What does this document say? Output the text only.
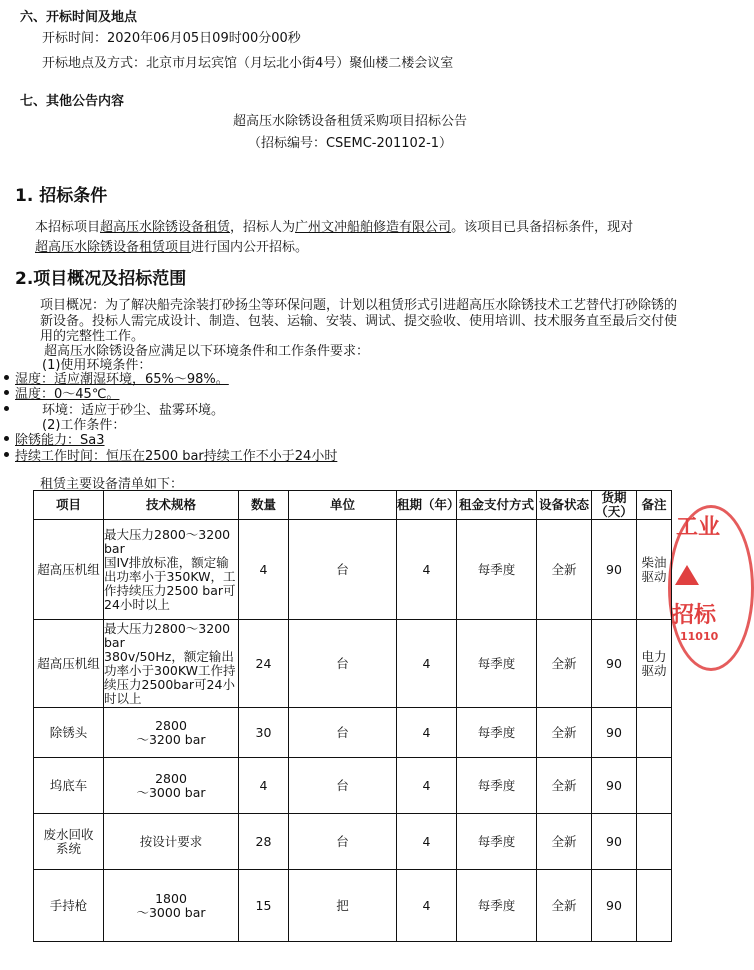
六、开标时间及地点
开标时间：2020年06月05日09时00分00秒
开标地点及方式：北京市月坛宾馆（月坛北小街4号）聚仙楼二楼会议室
七、其他公告内容
超高压水除锈设备租赁采购项目招标公告
（招标编号：CSEMC-201102-1）
1. 招标条件
本招标项目超高压水除锈设备租赁，招标人为广州文冲船舶修造有限公司。该项目已具备招标条件，现对
超高压水除锈设备租赁项目进行国内公开招标。
2.项目概况及招标范围
项目概况：为了解决船壳涂装打砂扬尘等环保问题，计划以租赁形式引进超高压水除锈技术工艺替代打砂除锈的
新设备。投标人需完成设计、制造、包装、运输、安装、调试、提交验收、使用培训、技术服务直至最后交付使
用的完整性工作。
超高压水除锈设备应满足以下环境条件和工作条件要求：
(1)使用环境条件：
湿度：适应潮湿环境，65%～98%。
温度：0～45℃。
环境：适应于砂尘、盐雾环境。
(2)工作条件：
除锈能力：Sa3
持续工作时间：恒压在2500 bar持续工作不小于24小时
租赁主要设备清单如下：
工业
招标
11010
项目	技术规格	数量	单位	租期（年）	租金支付方式	设备状态	货期（天）	备注
超高压机组	最大压力2800～3200 bar
国IV排放标准，额定输出功率小于350KW，工作持续压力2500 bar可24小时以上	4	台	4	每季度	全新	90	柴油驱动
超高压机组	最大压力2800～3200 bar
380v/50Hz，额定输出功率小于300KW工作持续压力2500bar可24小时以上	24	台	4	每季度	全新	90	电力驱动
除锈头	2800
～3200 bar	30	台	4	每季度	全新	90	
坞底车	2800
～3000 bar	4	台	4	每季度	全新	90	
废水回收系统	按设计要求	28	台	4	每季度	全新	90	
手持枪	1800
～3000 bar	15	把	4	每季度	全新	90	
